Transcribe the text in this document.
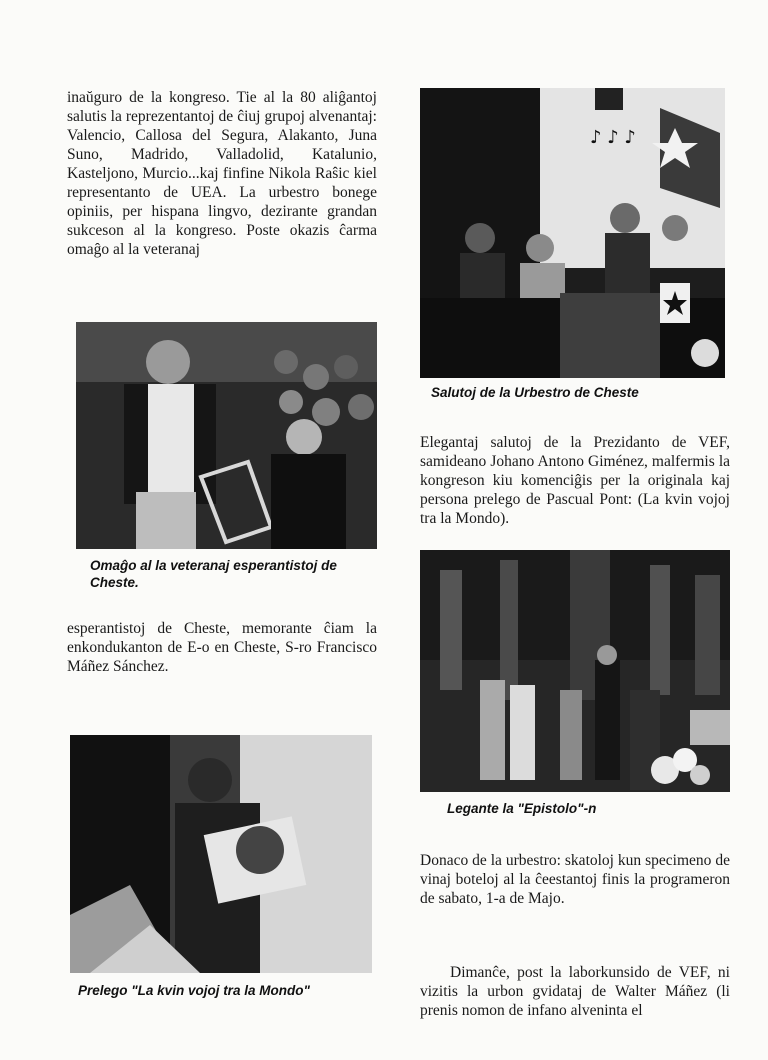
inaŭguro de la kongreso. Tie al la 80 aliĝantoj salutis la reprezentantoj de ĉiuj grupoj alvenantaj: Valencio, Callosa del Segura, Alakanto, Juna Suno, Madrido, Valladolid, Katalunio, Kasteljono, Murcio...kaj finfine Nikola Raŝic kiel representanto de UEA. La urbestro bonege opiniis, per hispana lingvo, dezirante grandan sukceson al la kongreso. Poste okazis ĉarma omaĝo al la veteranaj

Omaĝo al la veteranaj esperantistoj de Cheste.

esperantistoj de Cheste, memorante ĉiam la enkondukanton de E-o en Cheste, S-ro Francisco Máñez Sánchez.

Prelego "La kvin vojoj tra la Mondo"
♪ ♪ ♪
Salutoj de la Urbestro de Cheste

Elegantaj salutoj de la Prezidanto de VEF, samideano Johano Antono Giménez, malfermis la kongreson kiu komenciĝis per la originala kaj persona prelego de Pascual Pont: (La kvin vojoj tra la Mondo).

Legante la "Epistolo"-n

Donaco de la urbestro: skatoloj kun specimeno de vinaj boteloj al la ĉeestantoj finis la programeron de sabato, 1-a de Majo.

Dimanĉe, post la laborkunsido de VEF, ni vizitis la urbon gvidataj de Walter Máñez (li prenis nomon de infano alveninta el
